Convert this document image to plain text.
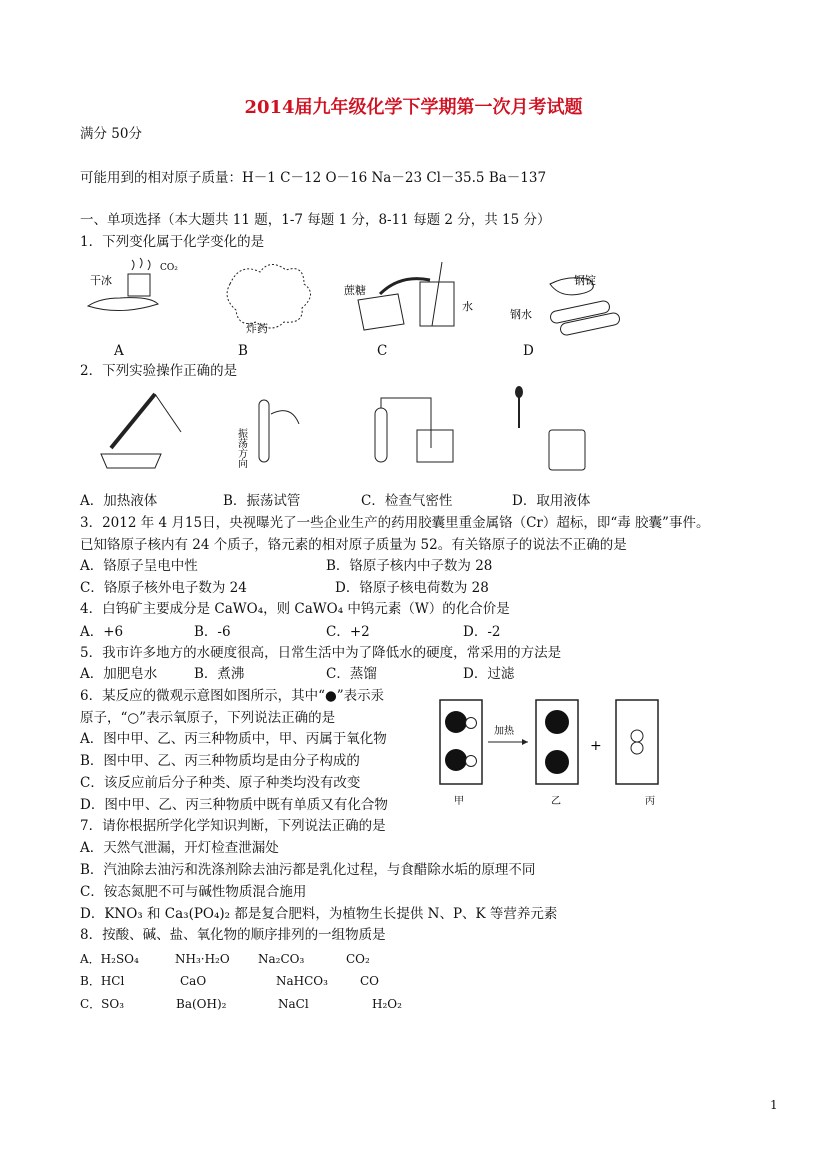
2014届九年级化学下学期第一次月考试题
满分 50分
可能用到的相对原子质量：H－1 C－12 O－16 Na－23 Cl－35.5 Ba－137
一、单项选择（本大题共 11 题，1-7 每题 1 分，8-11 每题 2 分，共 15 分）
1．下列变化属于化学变化的是
干冰
CO₂
炸药
蔗糖
水
钢水
钢锭
A	B	C	D
2．下列实验操作正确的是
振荡方向
A．加热液体	B．振荡试管	C．检查气密性	D．取用液体
3．2012 年 4 月15日，央视曝光了一些企业生产的药用胶囊里重金属铬（Cr）超标，即“毒 胶囊”事件。
已知铬原子核内有 24 个质子，铬元素的相对原子质量为 52。有关铬原子的说法不正确的是
A．铬原子呈电中性	B．铬原子核内中子数为 28
C．铬原子核外电子数为 24	D．铬原子核电荷数为 28
4．白钨矿主要成分是 CaWO₄，则 CaWO₄ 中钨元素（W）的化合价是
A．+6	B．-6	C．+2	D．-2
5．我市许多地方的水硬度很高，日常生活中为了降低水的硬度，常采用的方法是
A．加肥皂水	B．煮沸	C．蒸馏	D．过滤
6．某反应的微观示意图如图所示，其中“●”表示汞
原子，“○”表示氧原子，下列说法正确的是
A．图中甲、乙、丙三种物质中，甲、丙属于氧化物
B．图中甲、乙、丙三种物质均是由分子构成的
C．该反应前后分子种类、原子种类均没有改变
D．图中甲、乙、丙三种物质中既有单质又有化合物
加热
+
甲	乙	丙
7．请你根据所学化学知识判断，下列说法正确的是
A．天然气泄漏，开灯检查泄漏处
B．汽油除去油污和洗涤剂除去油污都是乳化过程，与食醋除水垢的原理不同
C．铵态氮肥不可与碱性物质混合施用
D．KNO₃ 和 Ca₃(PO₄)₂ 都是复合肥料，为植物生长提供 N、P、K 等营养元素
8．按酸、碱、盐、氧化物的顺序排列的一组物质是
A．H₂SO₄	NH₃·H₂O Na₂CO₃	CO₂
B．HCl	CaO	NaHCO₃	CO
C．SO₃	Ba(OH)₂	NaCl	H₂O₂
1
